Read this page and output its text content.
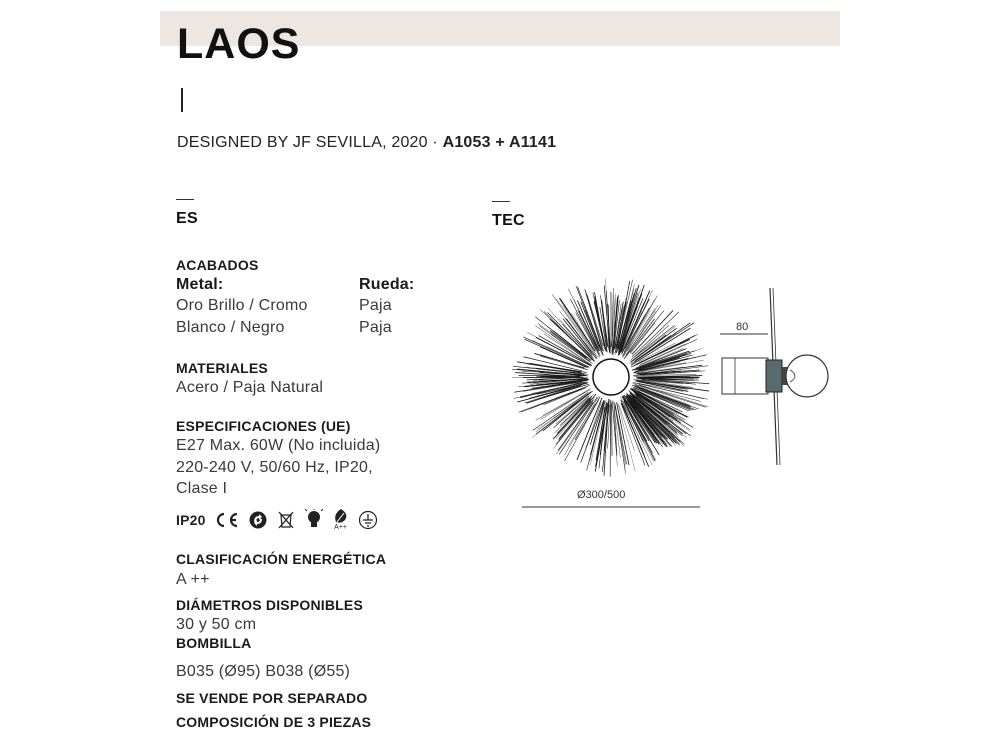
LAOS
DESIGNED BY JF SEVILLA, 2020 · A1053 + A1141
ES	TEC
ACABADOS
Metal:	Rueda:
Oro Brillo / Cromo	Paja
Blanco / Negro	Paja
MATERIALES
Acero / Paja Natural
ESPECIFICACIONES (UE)
E27 Max. 60W (No incluida)
220-240 V, 50/60 Hz, IP20,
Clase I
IP20	A++
CLASIFICACIÓN ENERGÉTICA
A ++
DIÁMETROS DISPONIBLES
30 y 50 cm
BOMBILLA
B035 (Ø95) B038 (Ø55)
SE VENDE POR SEPARADO
COMPOSICIÓN DE 3 PIEZAS
Ø300/500
80
